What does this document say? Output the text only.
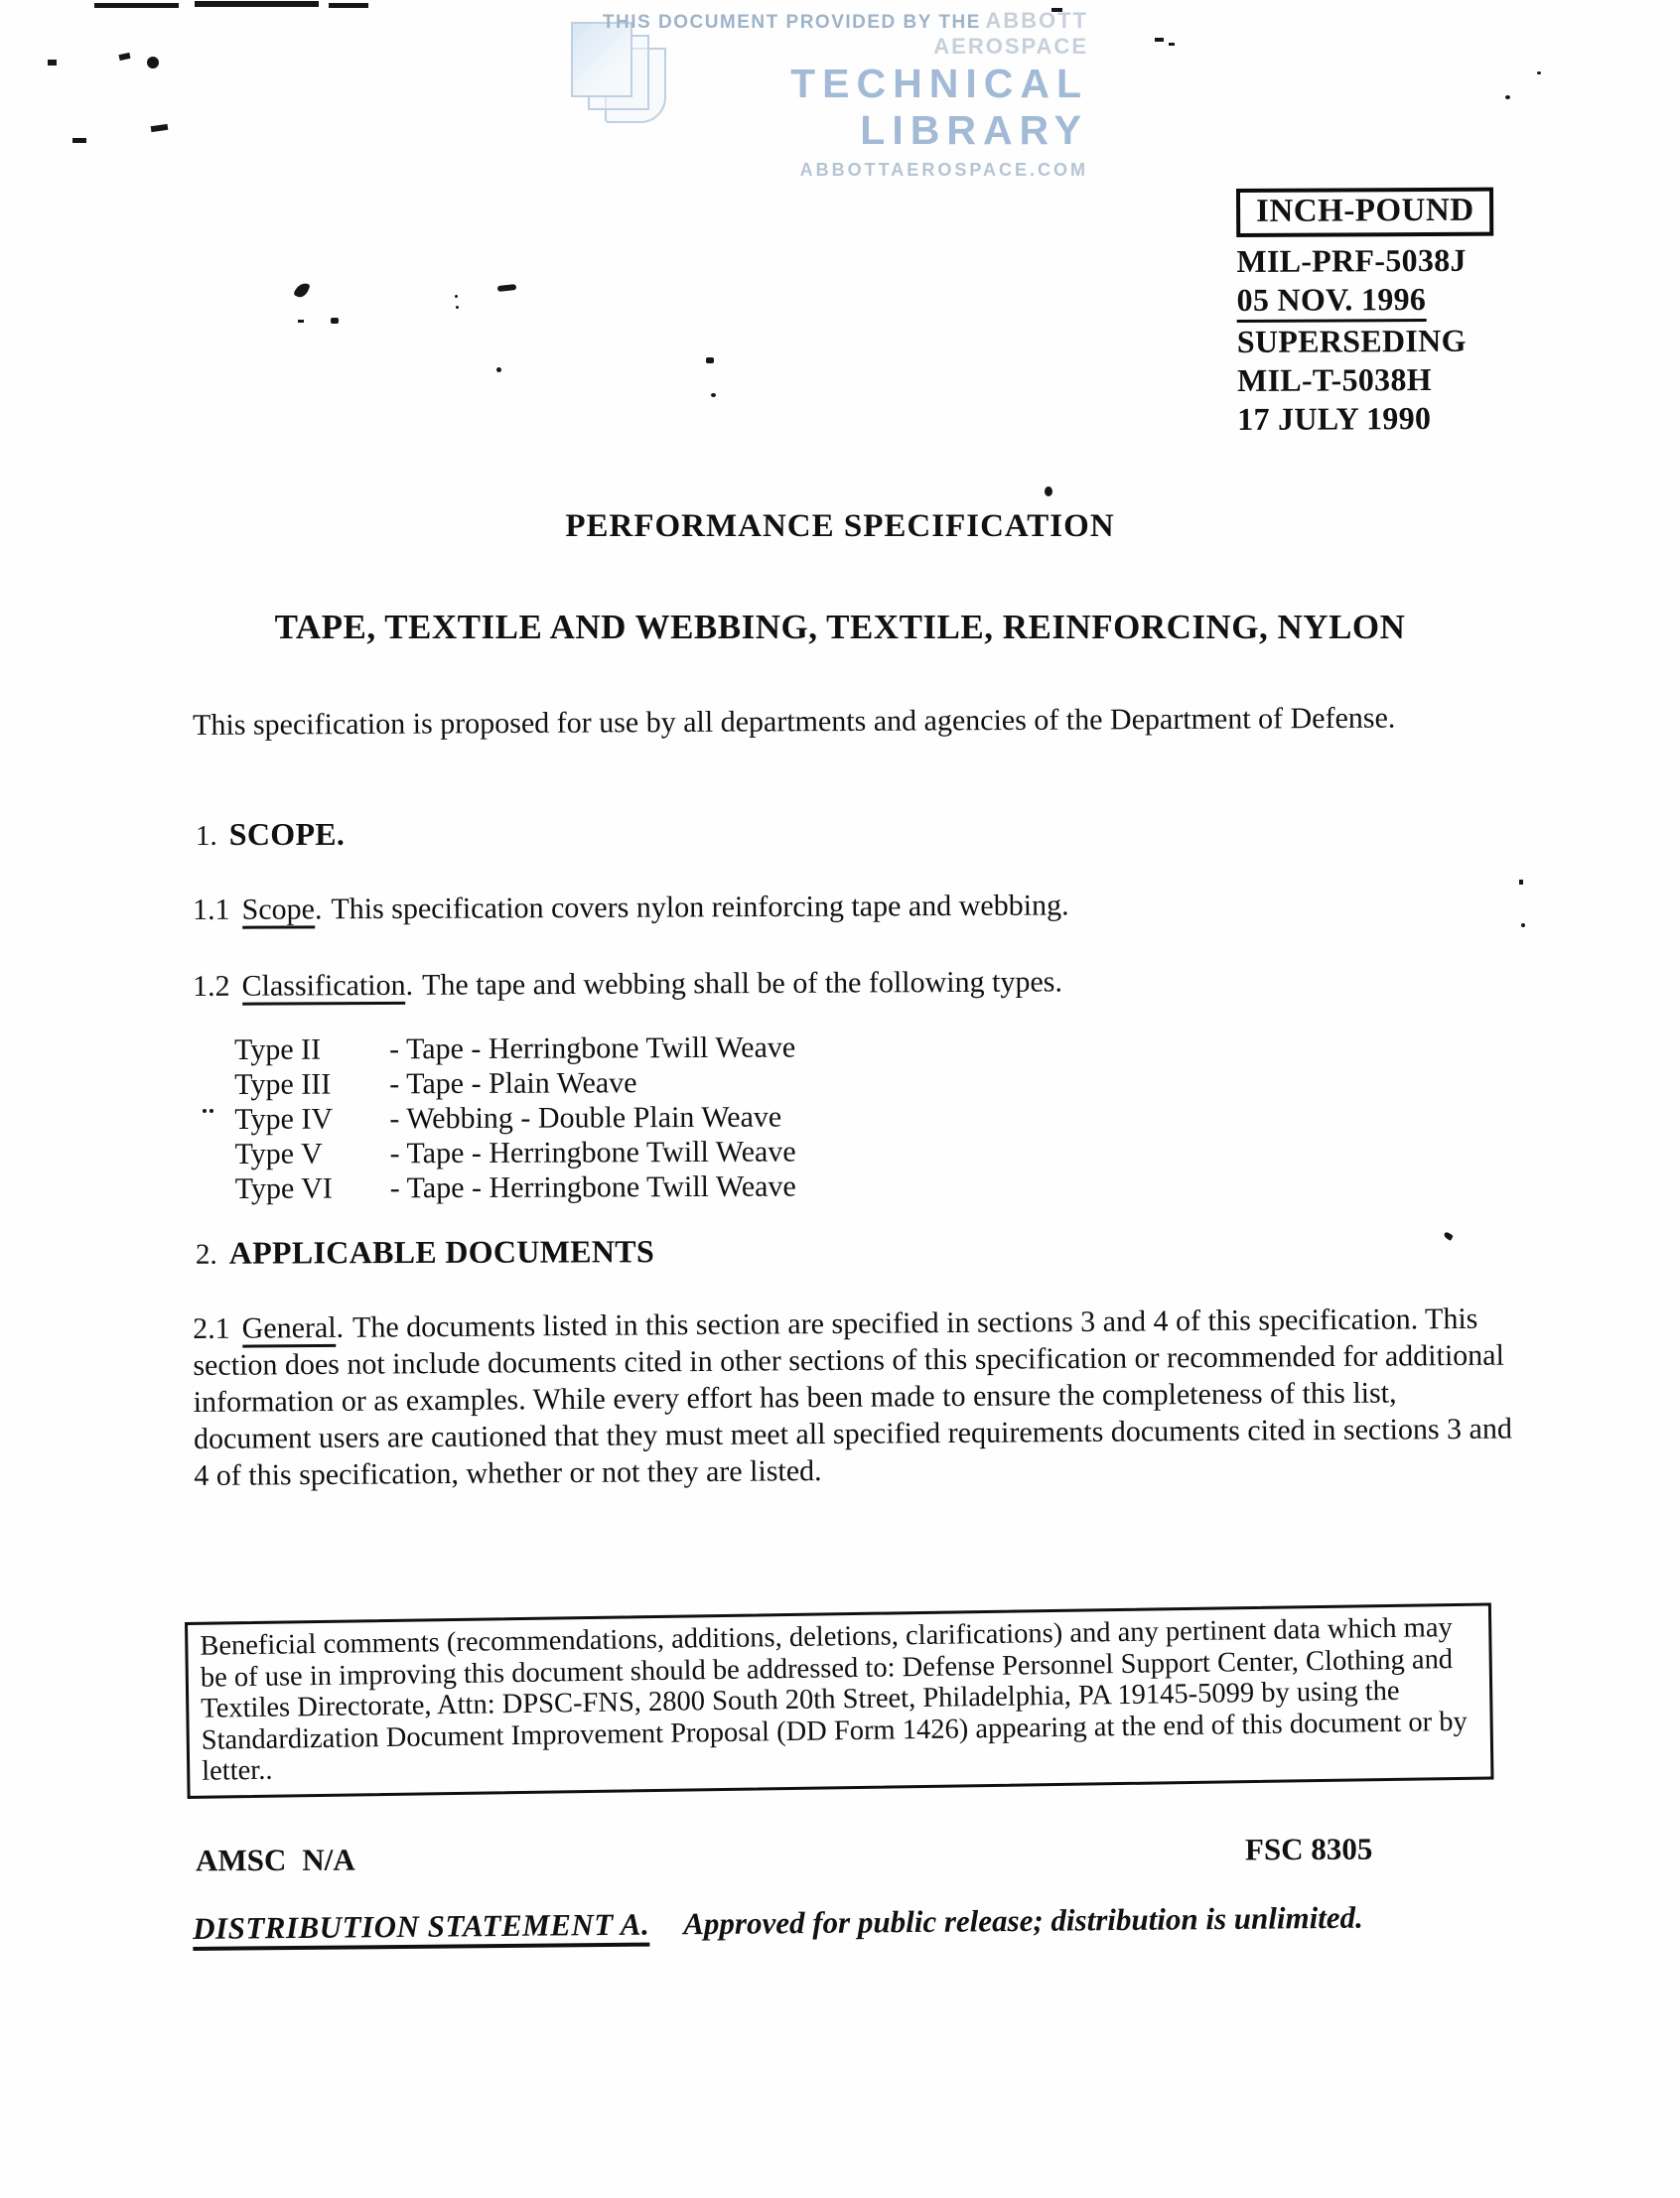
THIS DOCUMENT PROVIDED BY THE ABBOTT AEROSPACE
TECHNICAL LIBRARY
ABBOTTAEROSPACE.COM
INCH-POUND
MIL-PRF-5038J
05 NOV. 1996
SUPERSEDING
MIL-T-5038H
17 JULY 1990
PERFORMANCE SPECIFICATION
TAPE, TEXTILE AND WEBBING, TEXTILE, REINFORCING, NYLON

This specification is proposed for use by all departments and agencies of the Department of Defense.

1. SCOPE.

1.1 Scope. This specification covers nylon reinforcing tape and webbing.

1.2 Classification. The tape and webbing shall be of the following types.

Type II - Tape - Herringbone Twill Weave
Type III - Tape - Plain Weave
Type IV - Webbing - Double Plain Weave
Type V - Tape - Herringbone Twill Weave
Type VI - Tape - Herringbone Twill Weave
2. APPLICABLE DOCUMENTS

2.1 General. The documents listed in this section are specified in sections 3 and 4 of this specification. This section does not include documents cited in other sections of this specification or recommended for additional information or as examples. While every effort has been made to ensure the completeness of this list, document users are cautioned that they must meet all specified requirements documents cited in sections 3 and 4 of this specification, whether or not they are listed.

Beneficial comments (recommendations, additions, deletions, clarifications) and any pertinent data which may be of use in improving this document should be addressed to: Defense Personnel Support Center, Clothing and Textiles Directorate, Attn: DPSC-FNS, 2800 South 20th Street, Philadelphia, PA 19145-5099 by using the Standardization Document Improvement Proposal (DD Form 1426) appearing at the end of this document or by letter..
AMSC N/A	FSC 8305
DISTRIBUTION STATEMENT A. Approved for public release; distribution is unlimited.
